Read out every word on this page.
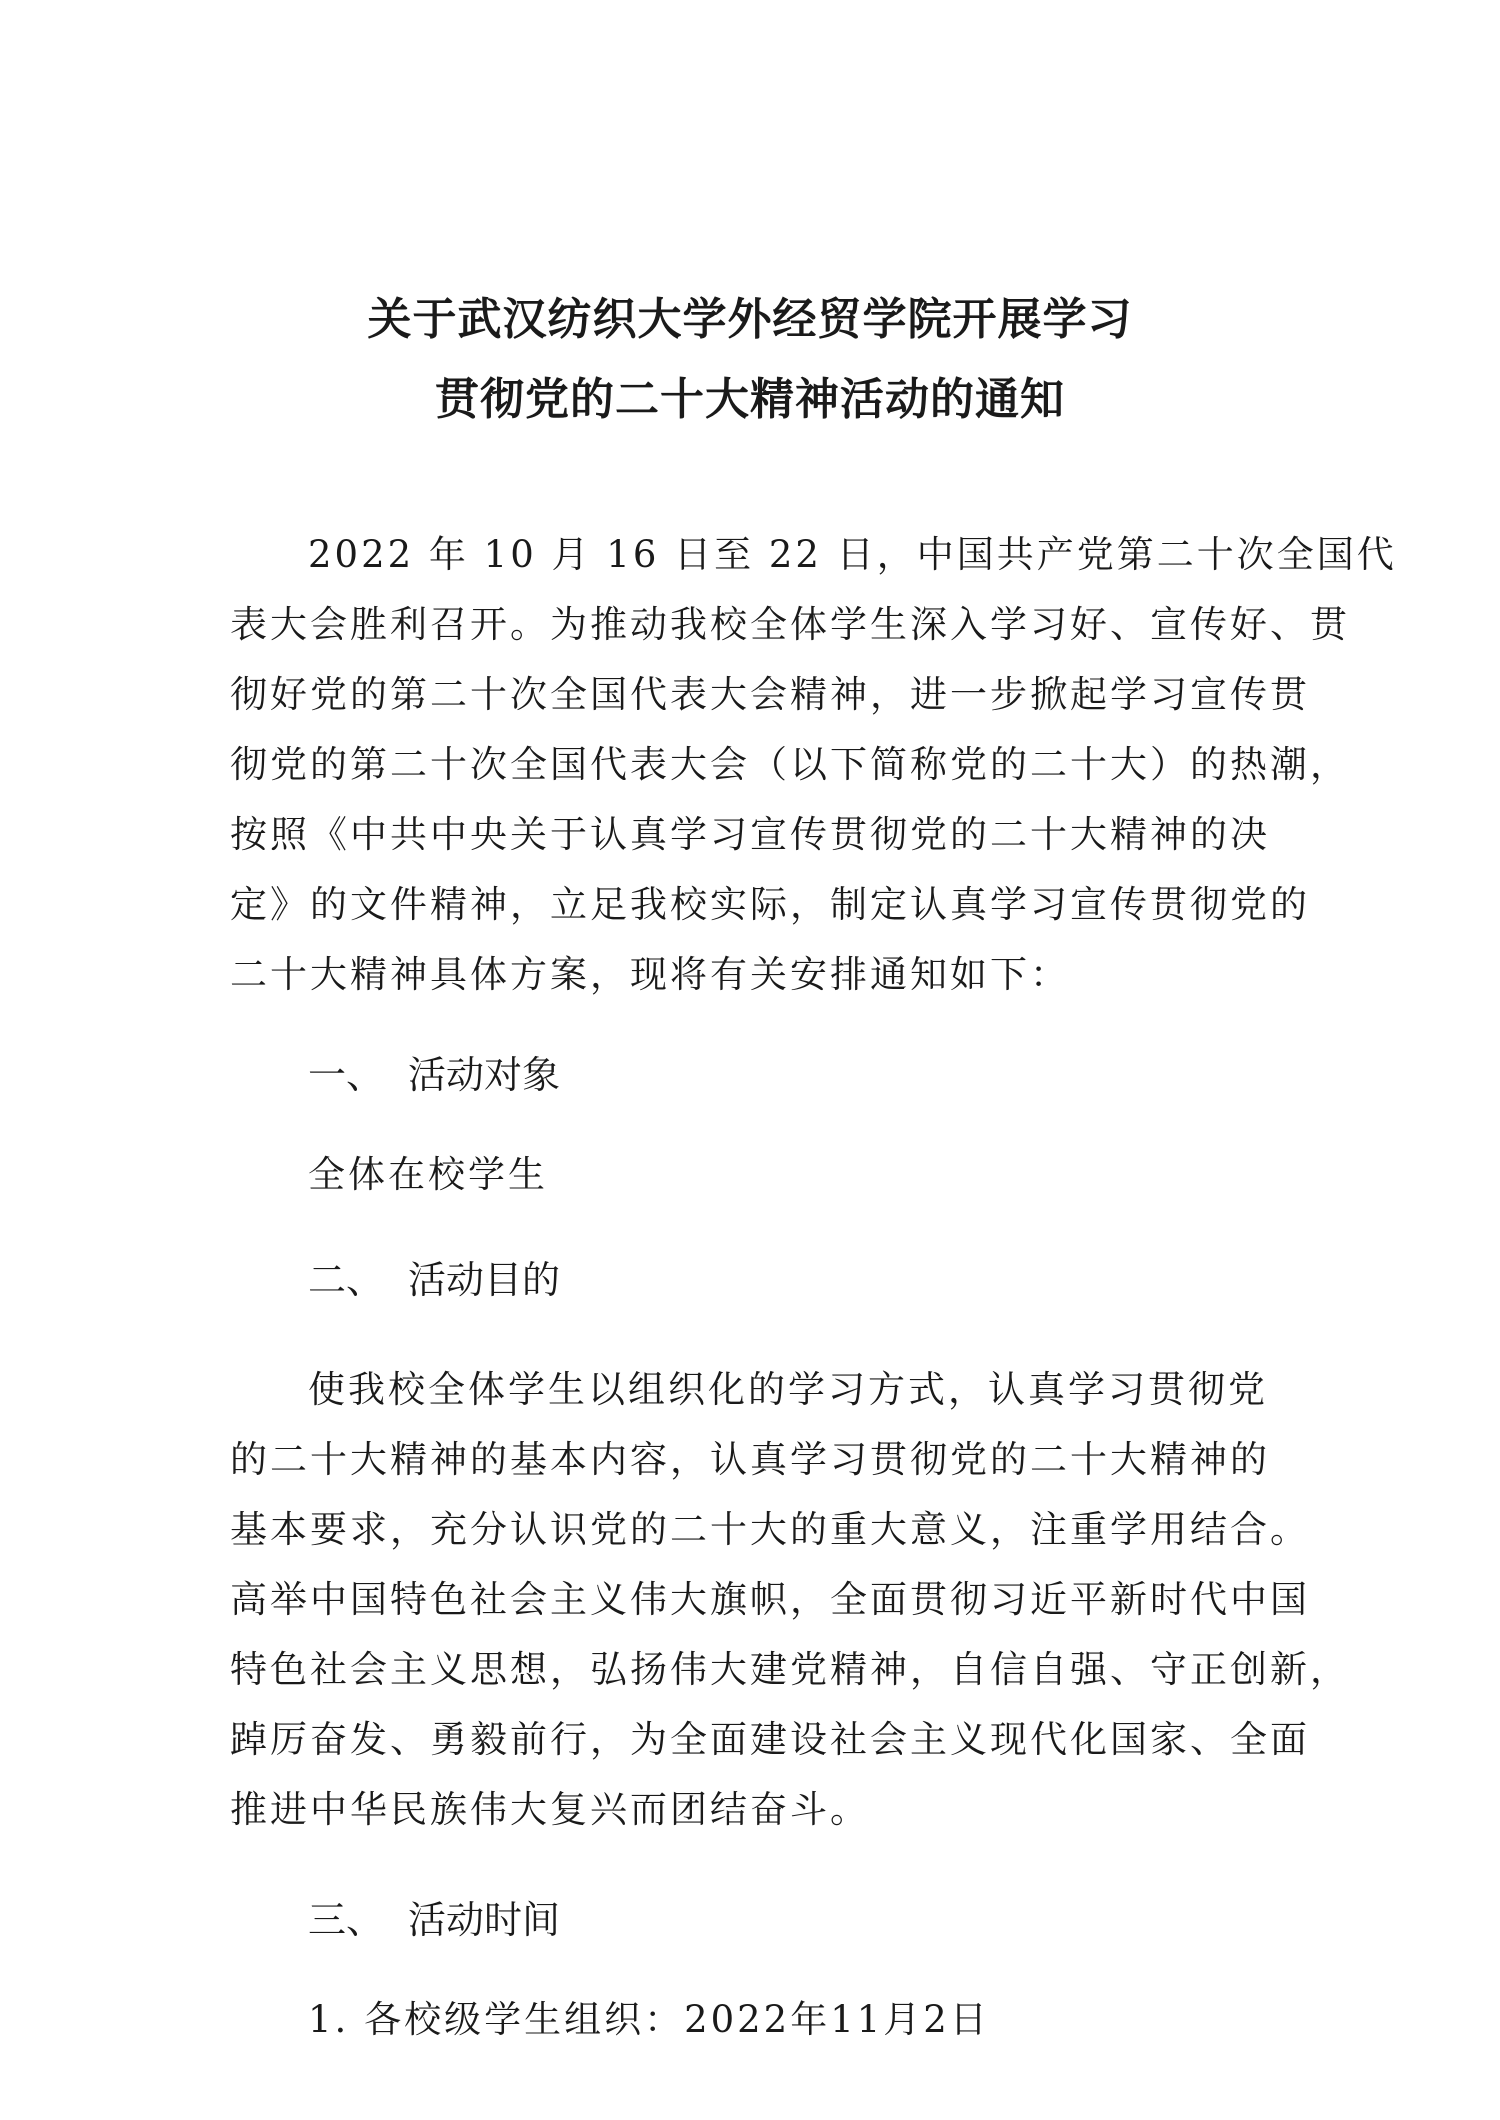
关于武汉纺织大学外经贸学院开展学习
贯彻党的二十大精神活动的通知
2022 年 10 月 16 日至 22 日，中国共产党第二十次全国代
表大会胜利召开。为推动我校全体学生深入学习好、宣传好、贯
彻好党的第二十次全国代表大会精神，进一步掀起学习宣传贯
彻党的第二十次全国代表大会（以下简称党的二十大）的热潮，
按照《中共中央关于认真学习宣传贯彻党的二十大精神的决
定》的文件精神，立足我校实际，制定认真学习宣传贯彻党的
二十大精神具体方案，现将有关安排通知如下：
一、 活动对象
全体在校学生
二、 活动目的
使我校全体学生以组织化的学习方式，认真学习贯彻党
的二十大精神的基本内容，认真学习贯彻党的二十大精神的
基本要求，充分认识党的二十大的重大意义，注重学用结合。
高举中国特色社会主义伟大旗帜，全面贯彻习近平新时代中国
特色社会主义思想，弘扬伟大建党精神，自信自强、守正创新，
踔厉奋发、勇毅前行，为全面建设社会主义现代化国家、全面
推进中华民族伟大复兴而团结奋斗。
三、 活动时间
1. 各校级学生组织：2022年11月2日
